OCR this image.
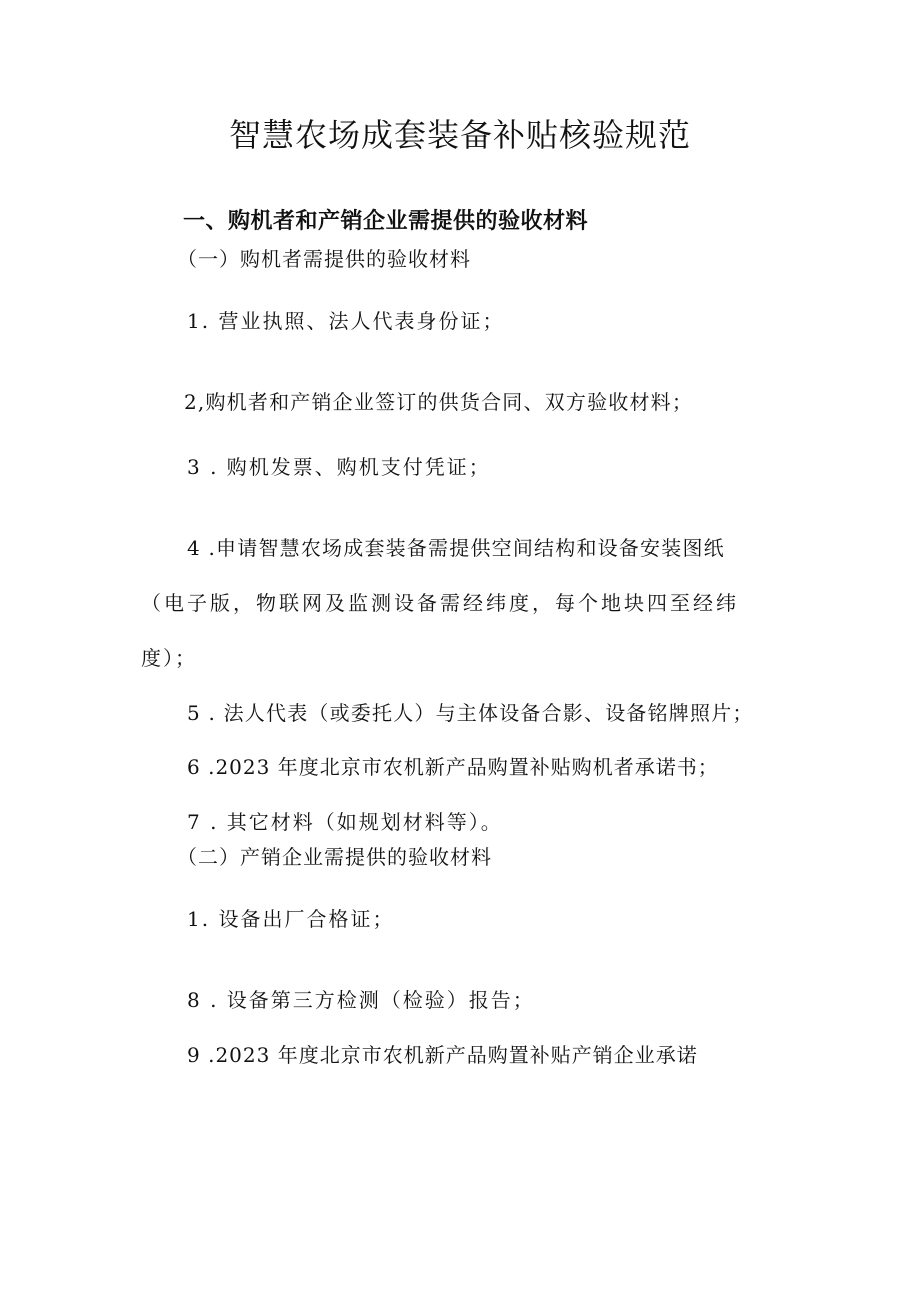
智慧农场成套装备补贴核验规范
一、购机者和产销企业需提供的验收材料
（一）购机者需提供的验收材料
1. 营业执照、法人代表身份证；
2,购机者和产销企业签订的供货合同、双方验收材料；
3 . 购机发票、购机支付凭证；
4 .申请智慧农场成套装备需提供空间结构和设备安装图纸
（电子版，物联网及监测设备需经纬度，每个地块四至经纬
度）；
5 . 法人代表（或委托人）与主体设备合影、设备铭牌照片；
6 .2023 年度北京市农机新产品购置补贴购机者承诺书；
7 . 其它材料（如规划材料等）。
（二）产销企业需提供的验收材料
1. 设备出厂合格证；
8 . 设备第三方检测（检验）报告；
9 .2023 年度北京市农机新产品购置补贴产销企业承诺
